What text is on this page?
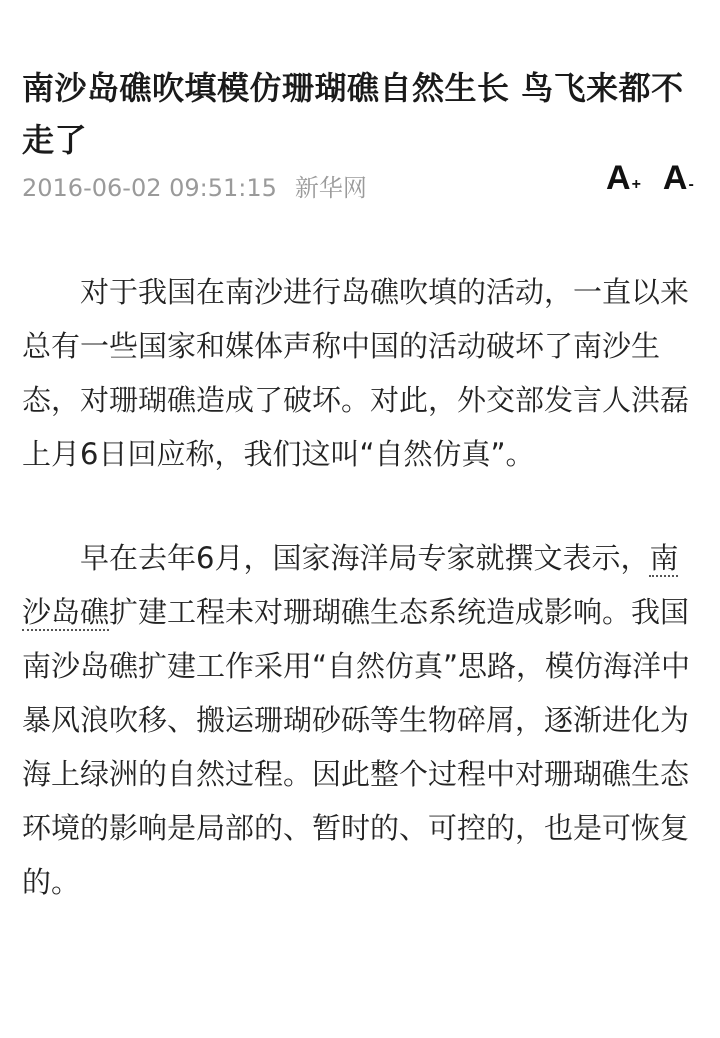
南沙岛礁吹填模仿珊瑚礁自然生长 鸟飞来都不走了
2016-06-02 09:51:15 新华网	A+ A-

对于我国在南沙进行岛礁吹填的活动，一直以来总有一些国家和媒体声称中国的活动破坏了南沙生态，对珊瑚礁造成了破坏。对此，外交部发言人洪磊上月6日回应称，我们这叫“自然仿真”。

早在去年6月，国家海洋局专家就撰文表示，南沙岛礁扩建工程未对珊瑚礁生态系统造成影响。我国南沙岛礁扩建工作采用“自然仿真”思路，模仿海洋中暴风浪吹移、搬运珊瑚砂砾等生物碎屑，逐渐进化为海上绿洲的自然过程。因此整个过程中对珊瑚礁生态环境的影响是局部的、暂时的、可控的，也是可恢复的。
